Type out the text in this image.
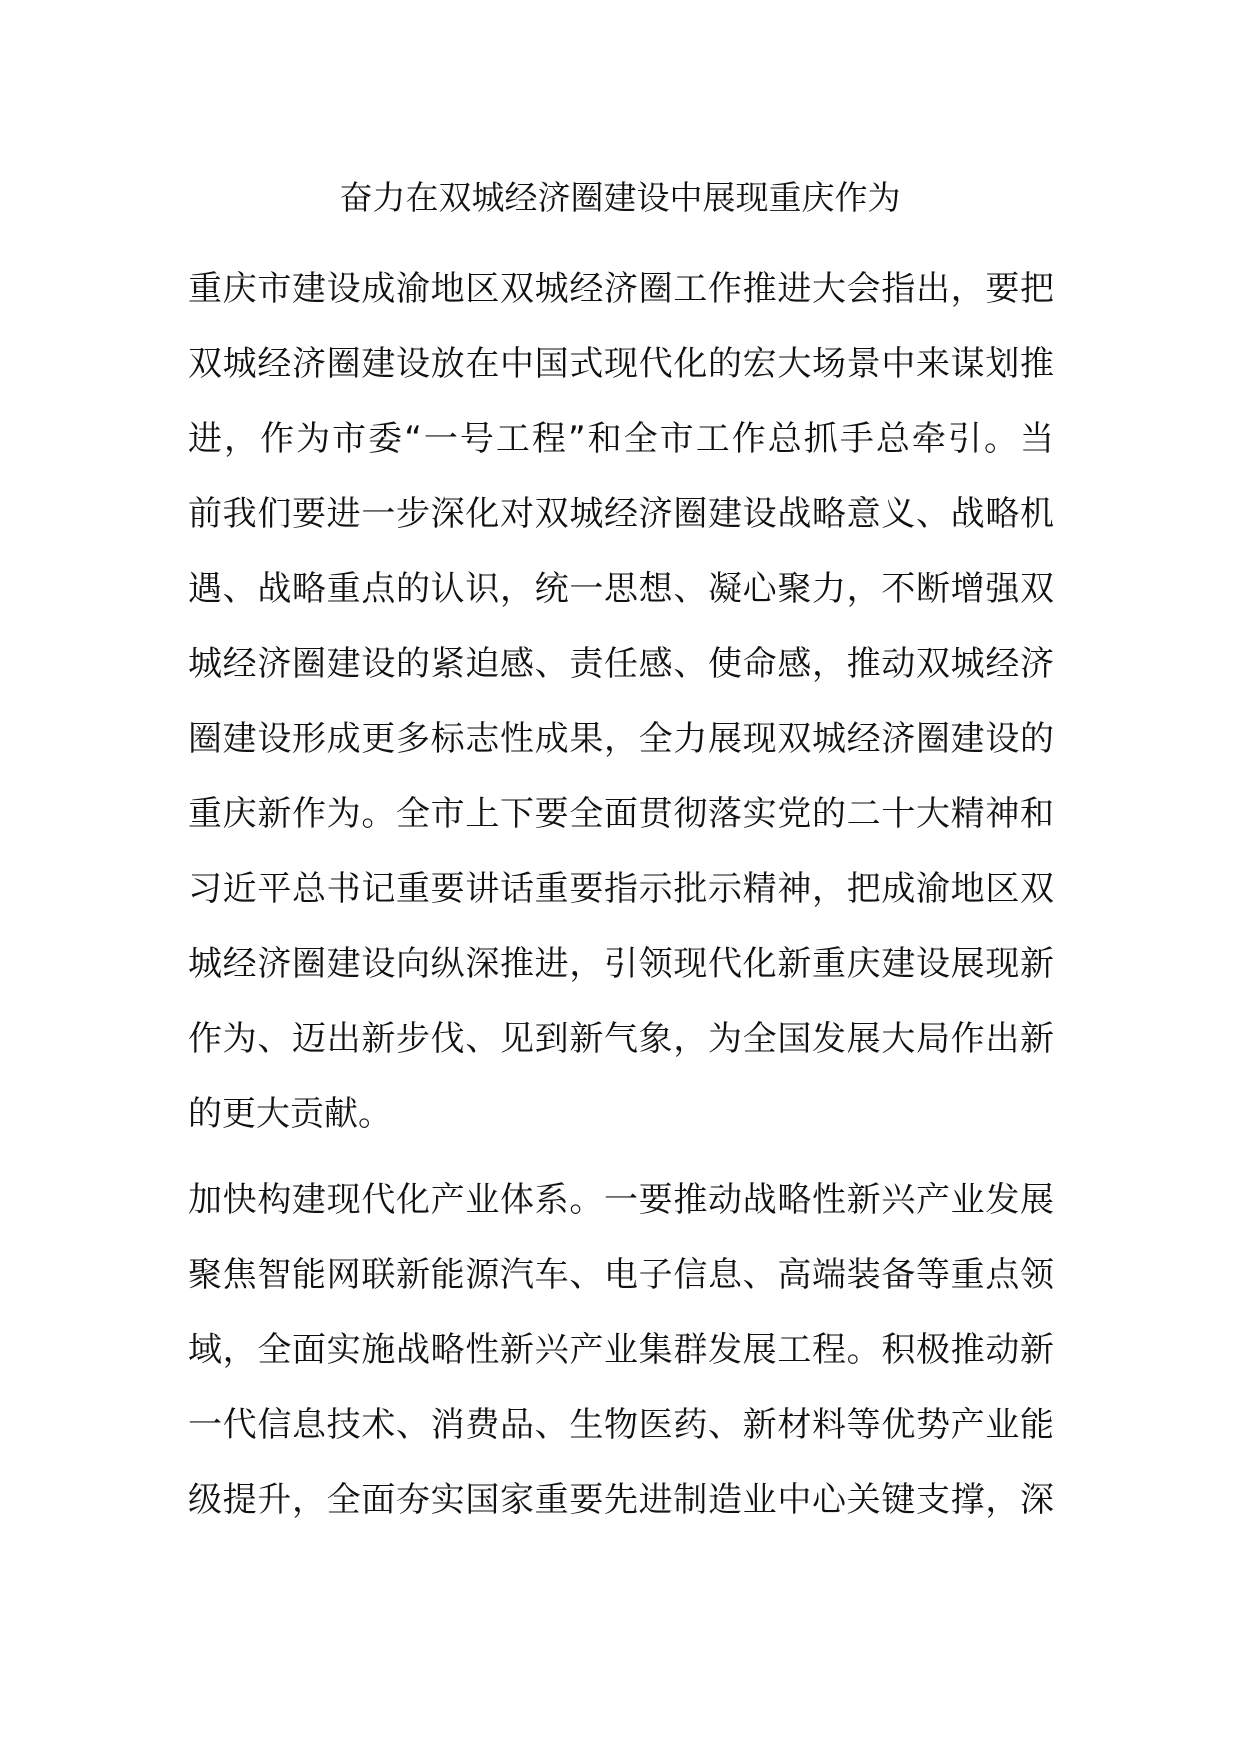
奋力在双城经济圈建设中展现重庆作为
重庆市建设成渝地区双城经济圈工作推进大会指出，要把
双城经济圈建设放在中国式现代化的宏大场景中来谋划推
进，作为市委“一号工程”和全市工作总抓手总牵引。当
前我们要进一步深化对双城经济圈建设战略意义、战略机
遇、战略重点的认识，统一思想、凝心聚力，不断增强双
城经济圈建设的紧迫感、责任感、使命感，推动双城经济
圈建设形成更多标志性成果，全力展现双城经济圈建设的
重庆新作为。全市上下要全面贯彻落实党的二十大精神和
习近平总书记重要讲话重要指示批示精神，把成渝地区双
城经济圈建设向纵深推进，引领现代化新重庆建设展现新
作为、迈出新步伐、见到新气象，为全国发展大局作出新
的更大贡献。
加快构建现代化产业体系。一要推动战略性新兴产业发展
聚焦智能网联新能源汽车、电子信息、高端装备等重点领
域，全面实施战略性新兴产业集群发展工程。积极推动新
一代信息技术、消费品、生物医药、新材料等优势产业能
级提升，全面夯实国家重要先进制造业中心关键支撑，深
